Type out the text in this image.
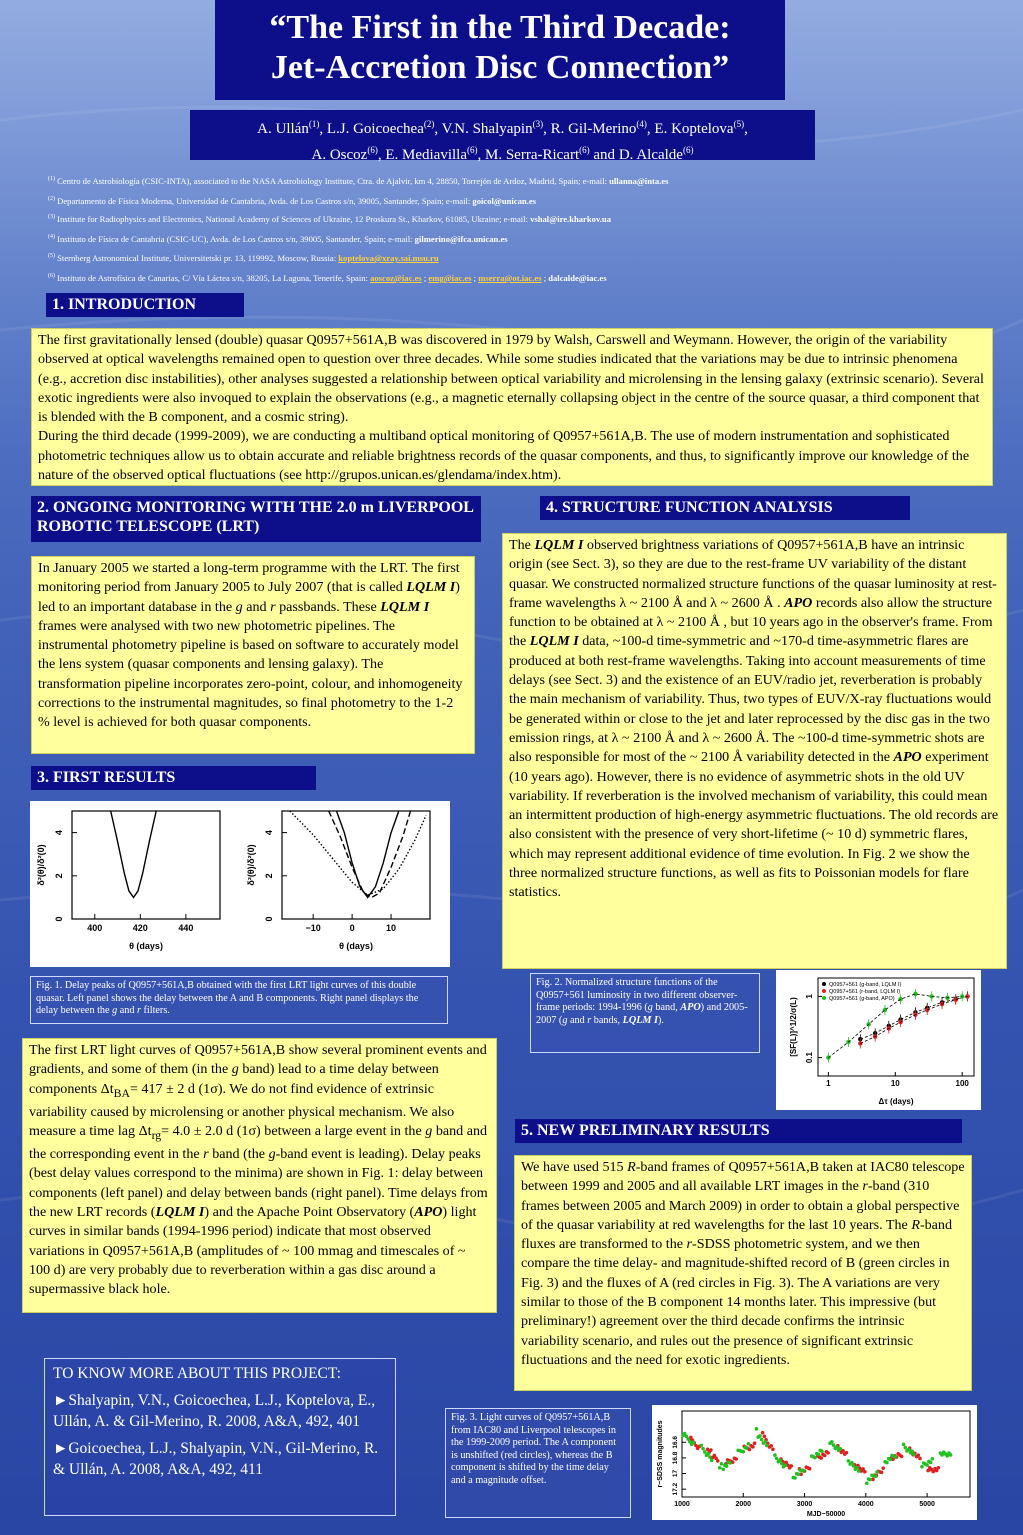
“The First in the Third Decade:
Jet-Accretion Disc Connection”
A. Ullán$^{(1)}$, L.J. Goicoechea$^{(2)}$, V.N. Shalyapin$^{(3)}$, R. Gil-Merino$^{(4)}$, E. Koptelova$^{(5)}$,
A. Oscoz$^{(6)}$, E. Mediavilla$^{(6)}$, M. Serra-Ricart$^{(6)}$ and D. Alcalde$^{(6)}$
$^{(1)}$ Centro de Astrobiología (CSIC-INTA), associated to the NASA Astrobiology Institute, Ctra. de Ajalvir, km 4, 28850, Torrejón de Ardoz, Madrid, Spain; e-mail: ullanna@inta.es
$^{(2)}$ Departamento de Física Moderna, Universidad de Cantabria, Avda. de Los Castros s/n, 39005, Santander, Spain; e-mail: goicol@unican.es
$^{(3)}$ Institute for Radiophysics and Electronics, National Academy of Sciences of Ukraine, 12 Proskura St., Kharkov, 61085, Ukraine; e-mail: vshal@ire.kharkov.ua
$^{(4)}$ Instituto de Física de Cantabria (CSIC-UC), Avda. de Los Castros s/n, 39005, Santander, Spain; e-mail: gilmerino@ifca.unican.es
$^{(5)}$ Sternberg Astronomical Institute, Universitetski pr. 13, 119992, Moscow, Russia: koptelova@xray.sai.msu.ru
$^{(6)}$ Instituto de Astrofísica de Canarias, C/ Vía Láctea s/n, 38205, La Laguna, Tenerife, Spain: aoscoz@iac.es ; emg@iac.es ; mserra@ot.iac.es ; dalcalde@iac.es
1. INTRODUCTION
The first gravitationally lensed (double) quasar Q0957+561A,B was discovered in 1979 by Walsh, Carswell and Weymann. However, the origin of the variability observed at optical wavelengths remained open to question over three decades. While some studies indicated that the variations may be due to intrinsic phenomena (e.g., accretion disc instabilities), other analyses suggested a relationship between optical variability and microlensing in the lensing galaxy (extrinsic scenario). Several exotic ingredients were also invoqued to explain the observations (e.g., a magnetic eternally collapsing object in the centre of the source quasar, a third component that is blended with the B component, and a cosmic string).
During the third decade (1999-2009), we are conducting a multiband optical monitoring of Q0957+561A,B. The use of modern instrumentation and sophisticated photometric techniques allow us to obtain accurate and reliable brightness records of the quasar components, and thus, to significantly improve our knowledge of the nature of the observed optical fluctuations (see http://grupos.unican.es/glendama/index.htm).
2. ONGOING MONITORING WITH THE 2.0 m LIVERPOOL ROBOTIC TELESCOPE (LRT)
In January 2005 we started a long-term programme with the LRT. The first monitoring period from January 2005 to July 2007 (that is called LQLM I) led to an important database in the g and r passbands. These LQLM I frames were analysed with two new photometric pipelines. The instrumental photometry pipeline is based on software to accurately model the lens system (quasar components and lensing galaxy). The transformation pipeline incorporates zero-point, colour, and inhomogeneity corrections to the instrumental magnitudes, so final photometry to the 1-2 % level is achieved for both quasar components.
3. FIRST RESULTS
400	420	440
0
2
4
θ (days)
δ²(θ)/δ²(0)
−10	0	10
0
2
4
θ (days)
δ²(θ)/δ²(0)
Fig. 1. Delay peaks of Q0957+561A,B obtained with the first LRT light curves of this double quasar. Left panel shows the delay between the A and B components. Right panel displays the delay between the g and r filters.
The first LRT light curves of Q0957+561A,B show several prominent events and gradients, and some of them (in the g band) lead to a time delay between components $\Delta t_{BA}= 417 \pm 2$ d (1σ). We do not find evidence of extrinsic variability caused by microlensing or another physical mechanism. We also measure a time lag $\Delta t_{rg}= 4.0 \pm 2.0$ d (1σ) between a large event in the g band and the corresponding event in the r band (the g-band event is leading). Delay peaks (best delay values correspond to the minima) are shown in Fig. 1: delay between components (left panel) and delay between bands (right panel). Time delays from the new LRT records (LQLM I) and the Apache Point Observatory (APO) light curves in similar bands (1994-1996 period) indicate that most observed variations in Q0957+561A,B (amplitudes of ~ 100 mmag and timescales of ~ 100 d) are very probably due to reverberation within a gas disc around a supermassive black hole.
4. STRUCTURE FUNCTION ANALYSIS
The LQLM I observed brightness variations of Q0957+561A,B have an intrinsic origin (see Sect. 3), so they are due to the rest-frame UV variability of the distant quasar. We constructed normalized structure functions of the quasar luminosity at rest-frame wavelengths λ ~ 2100 Å and λ ~ 2600 Å . APO records also allow the structure function to be obtained at λ ~ 2100 Å , but 10 years ago in the observer's frame. From the LQLM I data, ~100-d time-symmetric and ~170-d time-asymmetric flares are produced at both rest-frame wavelengths. Taking into account measurements of time delays (see Sect. 3) and the existence of an EUV/radio jet, reverberation is probably the main mechanism of variability. Thus, two types of EUV/X-ray fluctuations would be generated within or close to the jet and later reprocessed by the disc gas in the two emission rings, at λ ~ 2100 Å and λ ~ 2600 Å. The ~100-d time-symmetric shots are also responsible for most of the ~ 2100 Å variability detected in the APO experiment (10 years ago). However, there is no evidence of asymmetric shots in the old UV variability. If reverberation is the involved mechanism of variability, this could mean an intermittent production of high-energy asymmetric fluctuations. The old records are also consistent with the presence of very short-lifetime (~ 10 d) symmetric flares, which may represent additional evidence of time evolution. In Fig. 2 we show the three normalized structure functions, as well as fits to Poissonian models for flare statistics.
Fig. 2. Normalized structure functions of the Q0957+561 luminosity in two different observer-frame periods: 1994-1996 (g band, APO) and 2005-2007 (g and r bands, LQLM I).
1	10	100
0.1
1
Δτ (days)
[SF(L)]^1/2/σ(L)
Q0957+561 (g-band, LQLM I)
Q0957+561 (r-band, LQLM I)
Q0957+561 (g-band, APO)
5. NEW PRELIMINARY RESULTS
We have used 515 R-band frames of Q0957+561A,B taken at IAC80 telescope between 1999 and 2005 and all available LRT images in the r-band (310 frames between 2005 and March 2009) in order to obtain a global perspective of the quasar variability at red wavelengths for the last 10 years. The R-band fluxes are transformed to the r-SDSS photometric system, and we then compare the time delay- and magnitude-shifted record of B (green circles in Fig. 3) and the fluxes of A (red circles in Fig. 3). The A variations are very similar to those of the B component 14 months later. This impressive (but preliminary!) agreement over the third decade confirms the intrinsic variability scenario, and rules out the presence of significant extrinsic fluctuations and the need for exotic ingredients.

TO KNOW MORE ABOUT THIS PROJECT:

►Shalyapin, V.N., Goicoechea, L.J., Koptelova, E., Ullán, A. & Gil-Merino, R. 2008, A&A, 492, 401

►Goicoechea, L.J., Shalyapin, V.N., Gil-Merino, R. & Ullán, A. 2008, A&A, 492, 411

Fig. 3. Light curves of Q0957+561A,B from IAC80 and Liverpool telescopes in the 1999-2009 period. The A component is unshifted (red circles), whereas the B component is shifted by the time delay and a magnitude offset.
1000	2000	3000	4000	5000
17.2
17
16.8
16.6
MJD−50000
r−SDSS magnitudes
